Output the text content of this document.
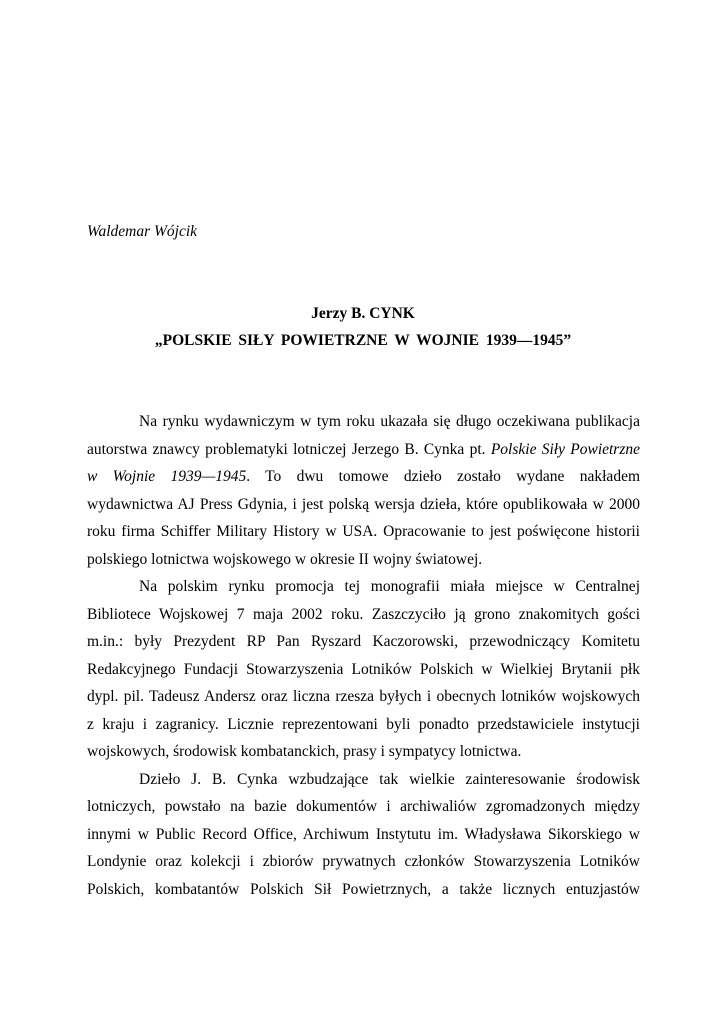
Waldemar Wójcik

Jerzy B. CYNK

„POLSKIE SIŁY POWIETRZNE W WOJNIE 1939—1945”

Na rynku wydawniczym w tym roku ukazała się długo oczekiwana publikacja
autorstwa znawcy problematyki lotniczej Jerzego B. Cynka pt. Polskie Siły Powietrzne
w Wojnie 1939—1945. To dwu tomowe dzieło zostało wydane nakładem
wydawnictwa AJ Press Gdynia, i jest polską wersja dzieła, które opublikowała w 2000
roku firma Schiffer Military History w USA. Opracowanie to jest poświęcone historii
polskiego lotnictwa wojskowego w okresie II wojny światowej.
Na polskim rynku promocja tej monografii miała miejsce w Centralnej
Bibliotece Wojskowej 7 maja 2002 roku. Zaszczyciło ją grono znakomitych gości
m.in.: były Prezydent RP Pan Ryszard Kaczorowski, przewodniczący Komitetu
Redakcyjnego Fundacji Stowarzyszenia Lotników Polskich w Wielkiej Brytanii płk
dypl. pil. Tadeusz Andersz oraz liczna rzesza byłych i obecnych lotników wojskowych
z kraju i zagranicy. Licznie reprezentowani byli ponadto przedstawiciele instytucji
wojskowych, środowisk kombatanckich, prasy i sympatycy lotnictwa.
Dzieło J. B. Cynka wzbudzające tak wielkie zainteresowanie środowisk
lotniczych, powstało na bazie dokumentów i archiwaliów zgromadzonych między
innymi w Public Record Office, Archiwum Instytutu im. Władysława Sikorskiego w
Londynie oraz kolekcji i zbiorów prywatnych członków Stowarzyszenia Lotników
Polskich, kombatantów Polskich Sił Powietrznych, a także licznych entuzjastów
